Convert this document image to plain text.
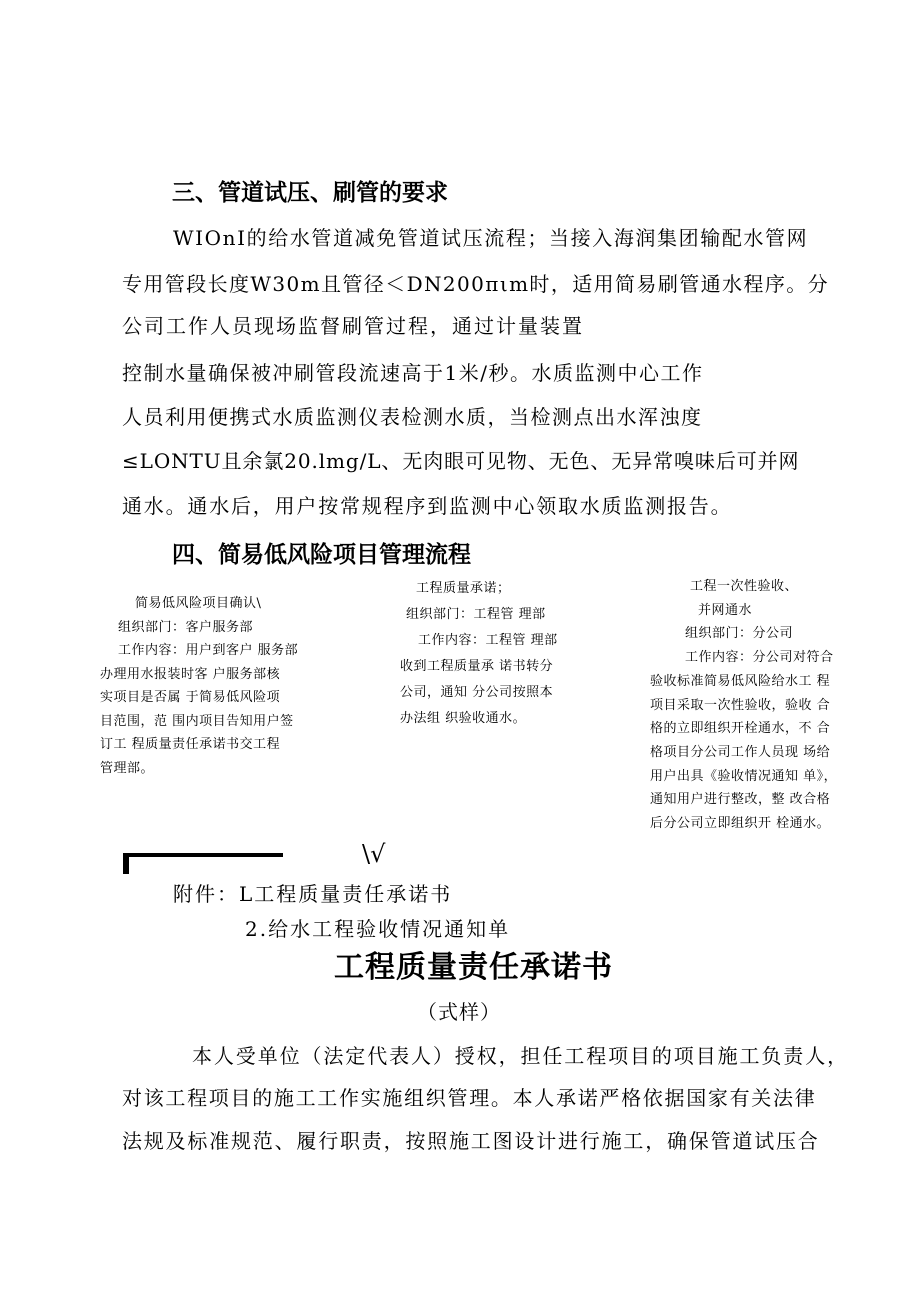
三、管道试压、刷管的要求
WIOnI的给水管道减免管道试压流程；当接入海润集团输配水管网
专用管段长度W30m且管径＜DN200πιm时，适用简易刷管通水程序。分
公司工作人员现场监督刷管过程，通过计量装置
控制水量确保被冲刷管段流速高于1米/秒。水质监测中心工作
人员利用便携式水质监测仪表检测水质，当检测点出水浑浊度
≤LONTU且余氯20.lmg/L、无肉眼可见物、无色、无异常嗅味后可并网
通水。通水后，用户按常规程序到监测中心领取水质监测报告。
四、简易低风险项目管理流程
简易低风险项目确认\
组织部门：客户服务部
工作内容：用户到客户 服务部
办理用水报装时客 户服务部核
实项目是否属 于简易低风险项
目范围，范 围内项目告知用户签
订工 程质量责任承诺书交工程
管理部。
工程质量承诺；
组织部门：工程管 理部
工作内容：工程管 理部
收到工程质量承 诺书转分
公司，通知 分公司按照本
办法组 织验收通水。
工程一次性验收、
并网通水
组织部门：分公司
工作内容：分公司对符合
验收标准简易低风险给水工 程
项目采取一次性验收，验收 合
格的立即组织开栓通水，不 合
格项目分公司工作人员现 场给
用户出具《验收情况通知 单》，
通知用户进行整改，整 改合格
后分公司立即组织开 栓通水。
\√
附件：L工程质量责任承诺书
2.给水工程验收情况通知单
工程质量责任承诺书
（式样）
本人受单位（法定代表人）授权，担任工程项目的项目施工负责人，
对该工程项目的施工工作实施组织管理。本人承诺严格依据国家有关法律
法规及标准规范、履行职责，按照施工图设计进行施工，确保管道试压合
